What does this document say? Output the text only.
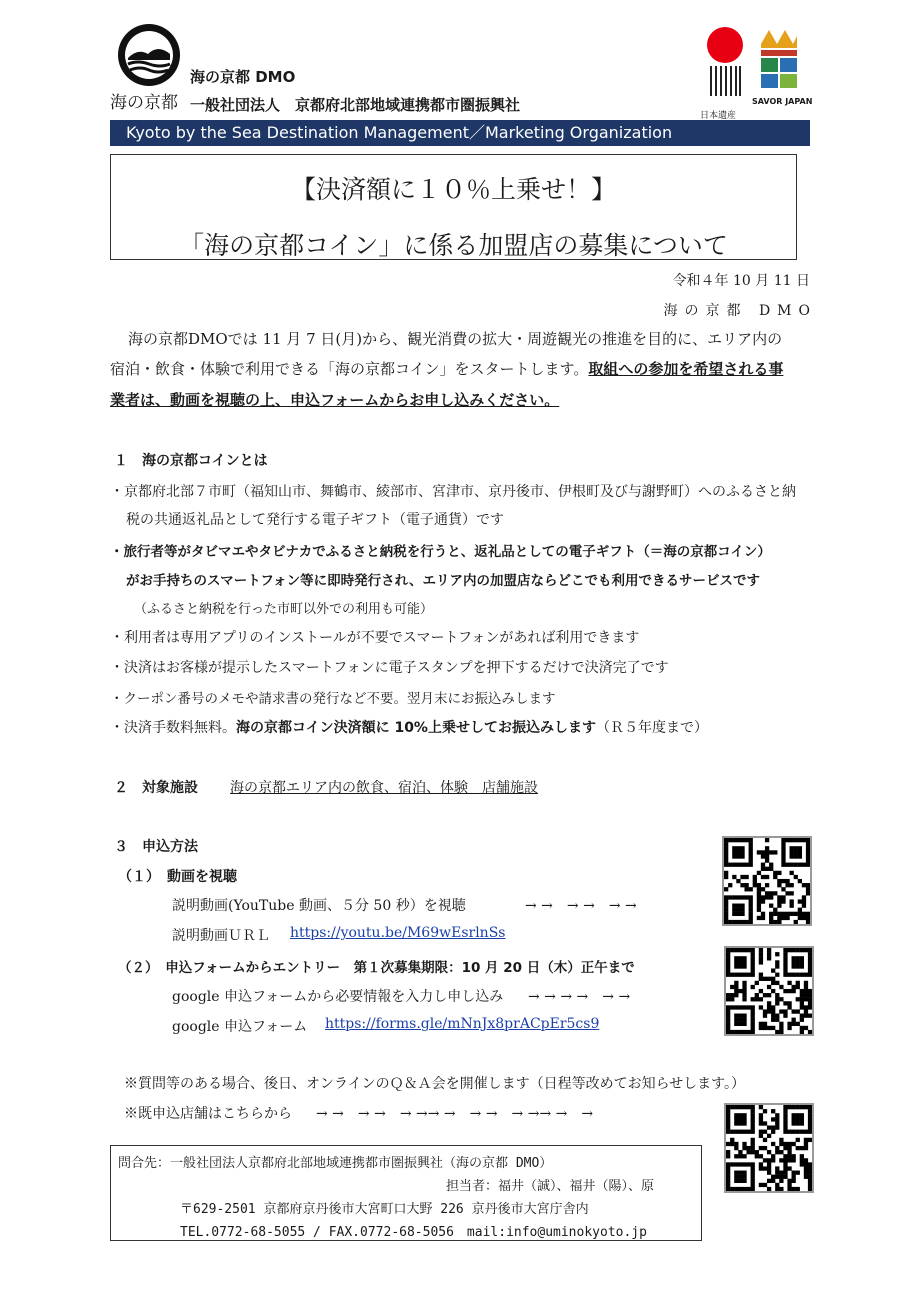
海の京都
海の京都 DMO
一般社団法人　京都府北部地域連携都市圏振興社
Kyoto by the Sea Destination Management／Marketing Organization
日本遺産
SAVOR JAPAN
【決済額に１０％上乗せ！】
「海の京都コイン」に係る加盟店の募集について
令和４年 10 月 11 日
海の京都 DMO
海の京都DMOでは 11 月 7 日(月)から、観光消費の拡大・周遊観光の推進を目的に、エリア内の
宿泊・飲食・体験で利用できる「海の京都コイン」をスタートします。取組への参加を希望される事
業者は、動画を視聴の上、申込フォームからお申し込みください。
１　海の京都コインとは
・京都府北部７市町（福知山市、舞鶴市、綾部市、宮津市、京丹後市、伊根町及び与謝野町）へのふるさと納
税の共通返礼品として発行する電子ギフト（電子通貨）です
・旅行者等がタビマエやタビナカでふるさと納税を行うと、返礼品としての電子ギフト（＝海の京都コイン）
がお手持ちのスマートフォン等に即時発行され、エリア内の加盟店ならどこでも利用できるサービスです
（ふるさと納税を行った市町以外での利用も可能）
・利用者は専用アプリのインストールが不要でスマートフォンがあれば利用できます
・決済はお客様が提示したスマートフォンに電子スタンプを押下するだけで決済完了です
・クーポン番号のメモや請求書の発行など不要。翌月末にお振込みします
・決済手数料無料。海の京都コイン決済額に 10%上乗せしてお振込みします（Ｒ５年度まで）
２　対象施設 海の京都エリア内の飲食、宿泊、体験　店舗施設
３　申込方法
（１）　動画を視聴
説明動画(YouTube 動画、５分 50 秒）を視聴	→ →　→ →　→ →
説明動画ＵＲＬ https://youtu.be/M69wEsrlnSs
（２）　申込フォームからエントリー　第１次募集期限：10 月 20 日（木）正午まで
google 申込フォームから必要情報を入力し申し込み → → → →　→ →
google 申込フォーム https://forms.gle/mNnJx8prACpEr5cs9
※質問等のある場合、後日、オンラインのＱ＆Ａ会を開催します（日程等改めてお知らせします。）
※既申込店舗はこちらから → →　→ →　→ →→ →　→ →　→ →→ →　→
問合先：一般社団法人京都府北部地域連携都市圏振興社（海の京都 DMO）
担当者：福井（誠）、福井（陽）、原
〒629-2501 京都府京丹後市大宮町口大野 226 京丹後市大宮庁舎内
TEL.0772-68-5055 / FAX.0772-68-5056　mail:info@uminokyoto.jp
